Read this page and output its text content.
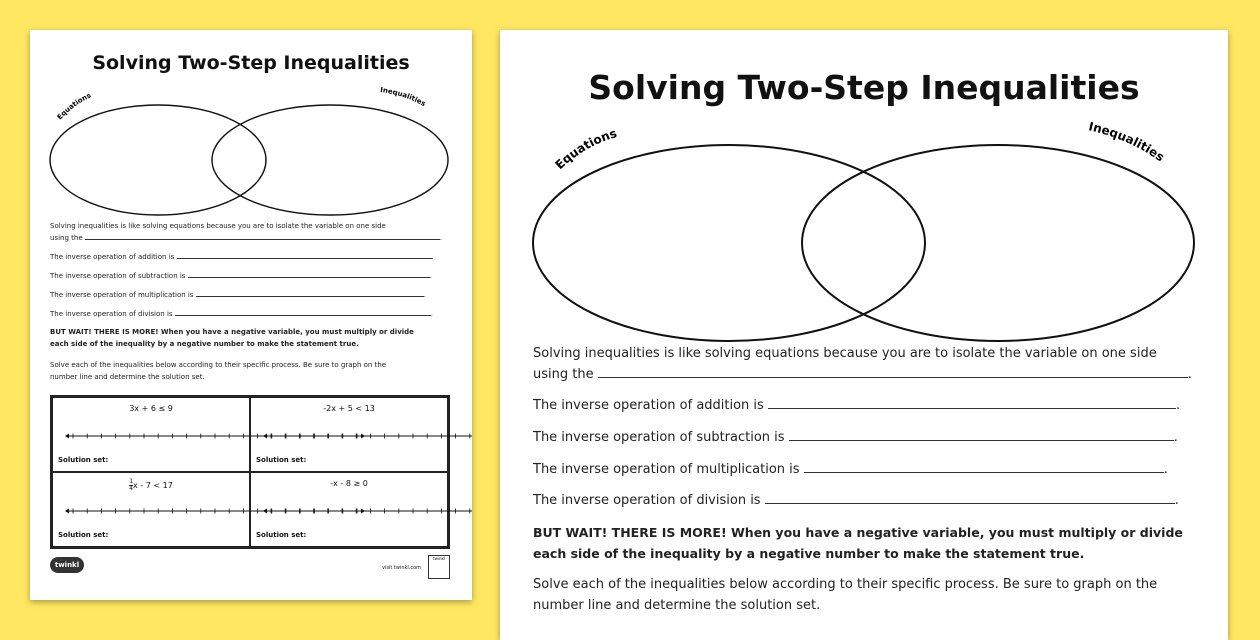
Solving Two-Step Inequalities
Equations
Inequalities
Solving inequalities is like solving equations because you are to isolate the variable on one side
using the	.
The inverse operation of addition is	.
The inverse operation of subtraction is	.
The inverse operation of multiplication is	.
The inverse operation of division is	.
BUT WAIT! THERE IS MORE! When you have a negative variable, you must multiply or divide
each side of the inequality by a negative number to make the statement true.
Solve each of the inequalities below according to their specific process. Be sure to graph on the
number line and determine the solution set.
3x + 6 ≤ 9
Solution set:
-2x + 5 < 13
Solution set:
$\frac{1}{4}$ x - 7 < 17
Solution set:
-x - 8 ≥ 0
Solution set:
twinkl	visit twinkl.com
twinkl
Solving Two-Step Inequalities
Equations	Inequalities
Solving inequalities is like solving equations because you are to isolate the variable on one side
using the	.
The inverse operation of addition is	.
The inverse operation of subtraction is	.
The inverse operation of multiplication is	.
The inverse operation of division is	.
BUT WAIT! THERE IS MORE! When you have a negative variable, you must multiply or divide
each side of the inequality by a negative number to make the statement true.
Solve each of the inequalities below according to their specific process. Be sure to graph on the
number line and determine the solution set.
